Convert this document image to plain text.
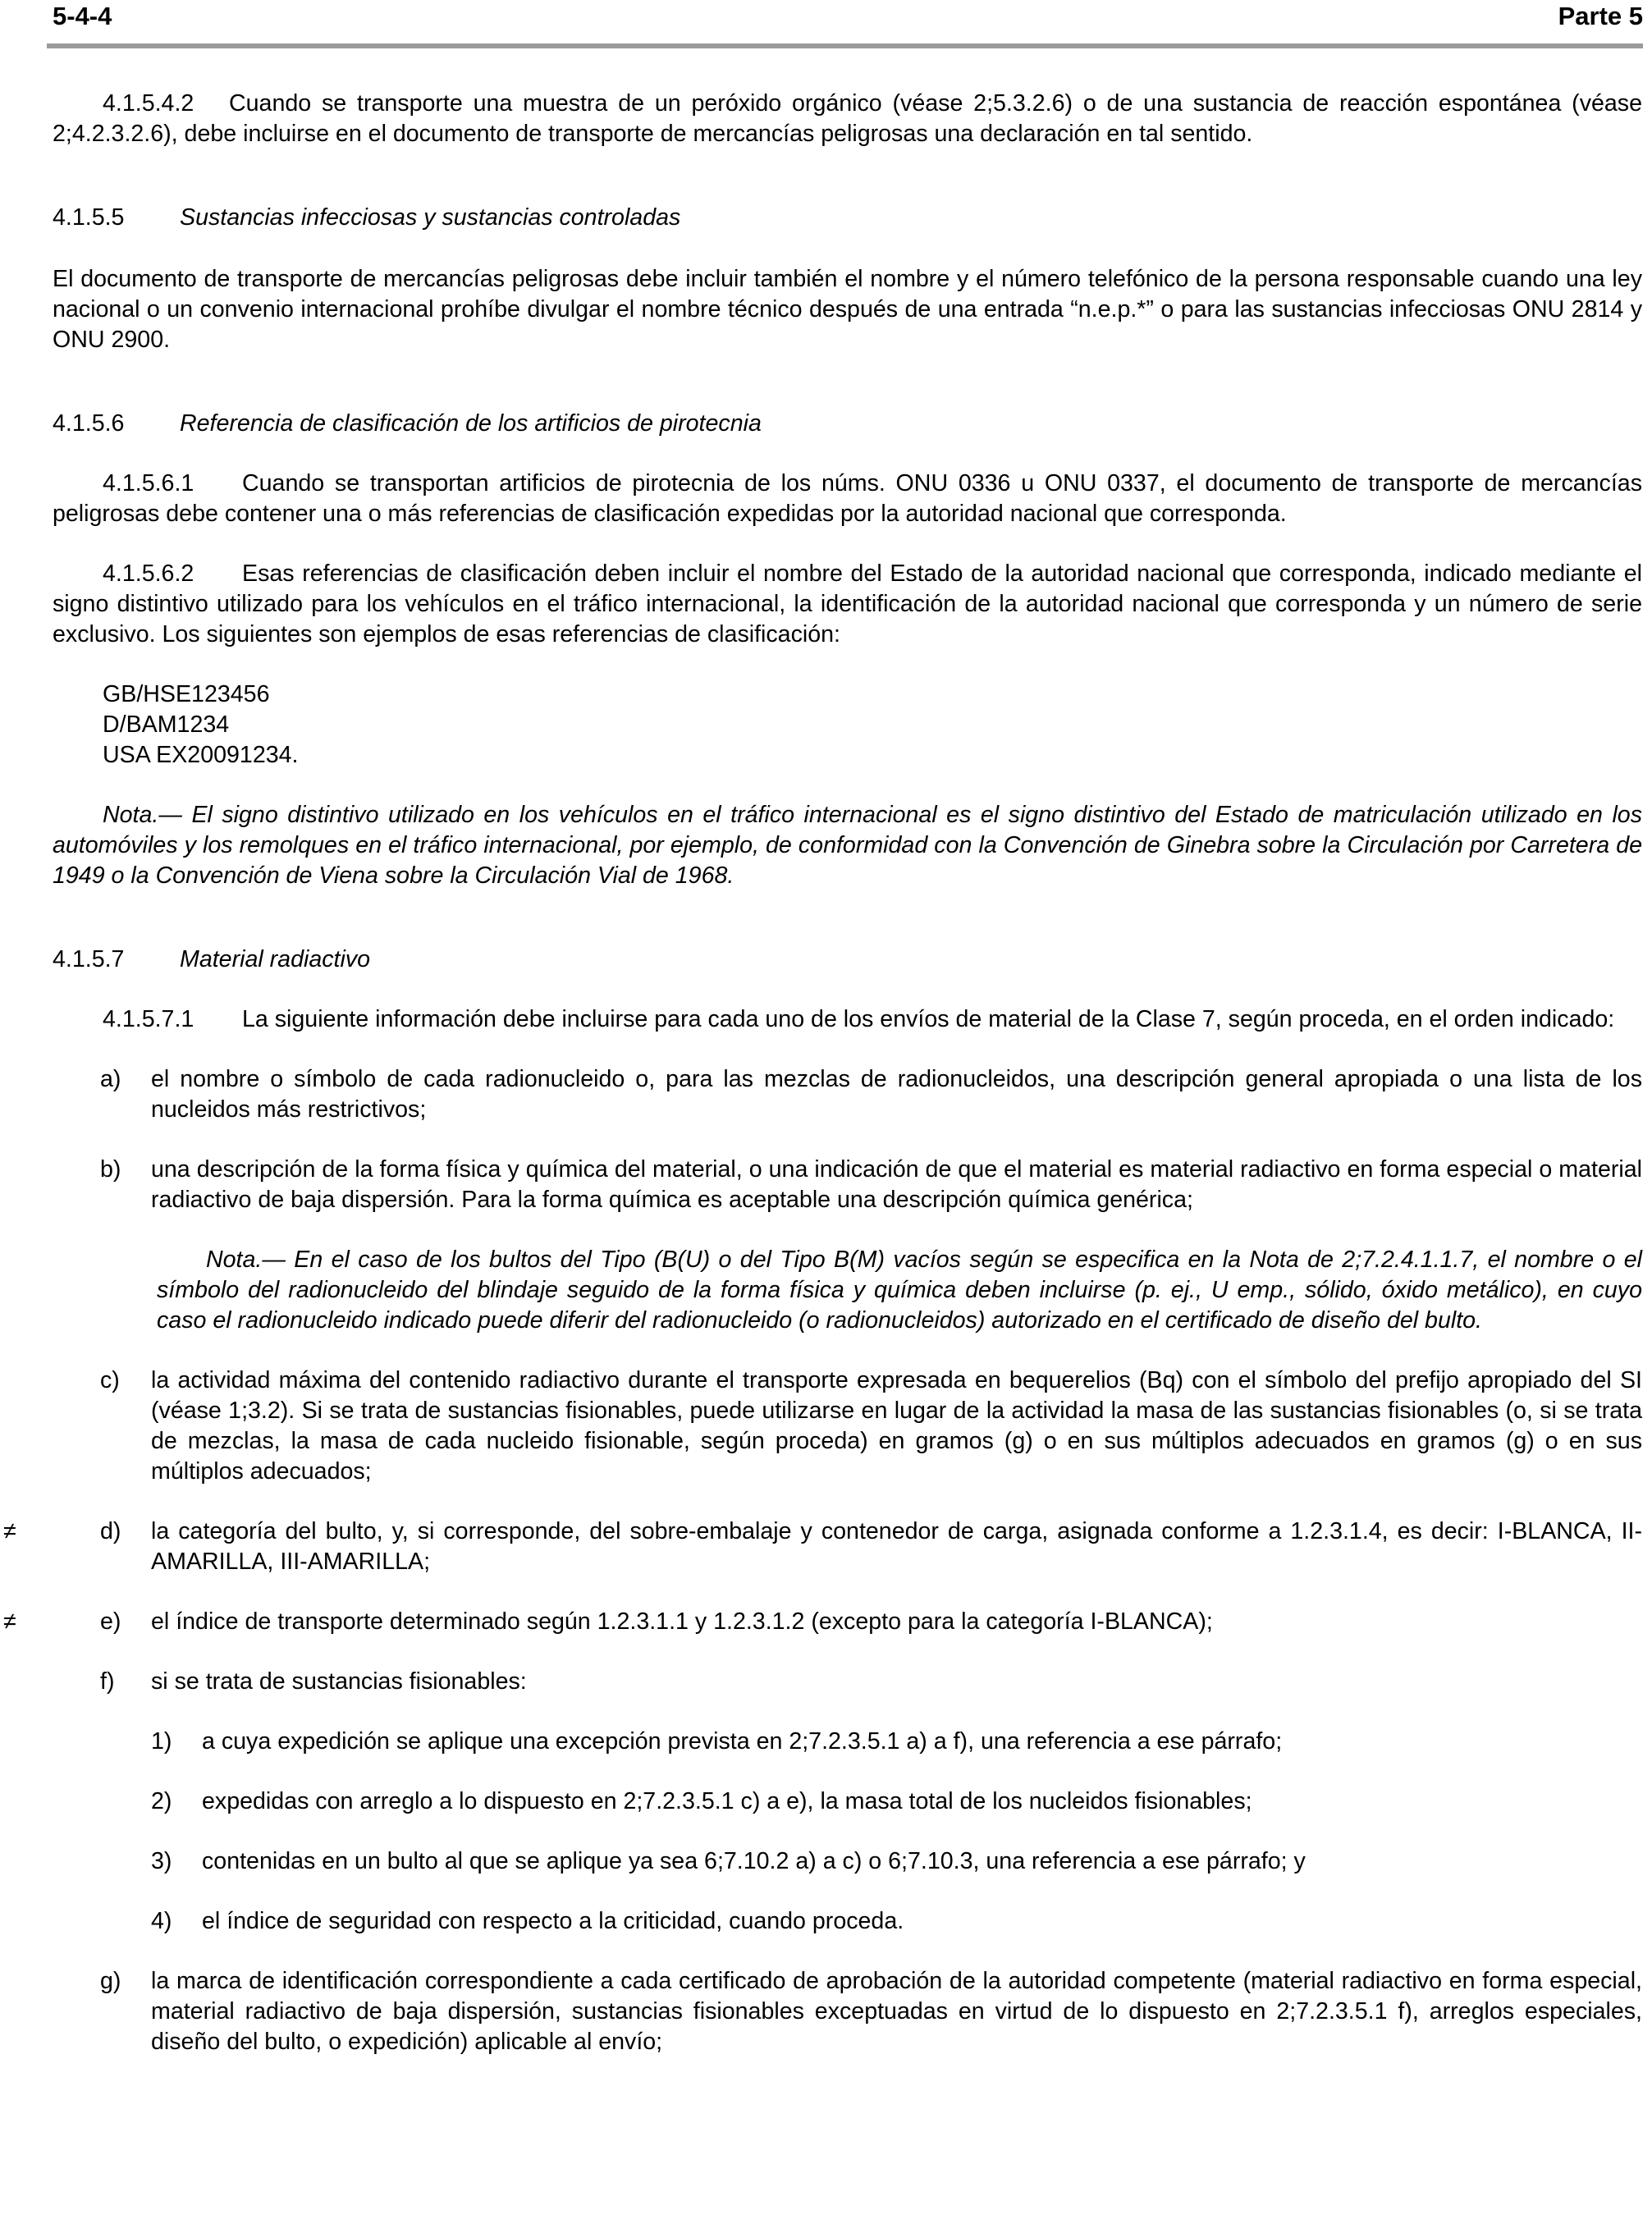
5-4-4	Parte 5

4.1.5.4.2 Cuando se transporte una muestra de un peróxido orgánico (véase 2;5.3.2.6) o de una sustancia de reacción espontánea (véase 2;4.2.3.2.6), debe incluirse en el documento de transporte de mercancías peligrosas una declaración en tal sentido.

4.1.5.5 Sustancias infecciosas y sustancias controladas

El documento de transporte de mercancías peligrosas debe incluir también el nombre y el número telefónico de la persona responsable cuando una ley nacional o un convenio internacional prohíbe divulgar el nombre técnico después de una entrada “n.e.p.*” o para las sustancias infecciosas ONU 2814 y ONU 2900.

4.1.5.6 Referencia de clasificación de los artificios de pirotecnia

4.1.5.6.1 Cuando se transportan artificios de pirotecnia de los núms. ONU 0336 u ONU 0337, el documento de transporte de mercancías peligrosas debe contener una o más referencias de clasificación expedidas por la autoridad nacional que corresponda.

4.1.5.6.2 Esas referencias de clasificación deben incluir el nombre del Estado de la autoridad nacional que corresponda, indicado mediante el signo distintivo utilizado para los vehículos en el tráfico internacional, la identificación de la autoridad nacional que corresponda y un número de serie exclusivo. Los siguientes son ejemplos de esas referencias de clasificación:

GB/HSE123456
D/BAM1234
USA EX20091234.

Nota.— El signo distintivo utilizado en los vehículos en el tráfico internacional es el signo distintivo del Estado de matriculación utilizado en los automóviles y los remolques en el tráfico internacional, por ejemplo, de conformidad con la Convención de Ginebra sobre la Circulación por Carretera de 1949 o la Convención de Viena sobre la Circulación Vial de 1968.

4.1.5.7 Material radiactivo

4.1.5.7.1 La siguiente información debe incluirse para cada uno de los envíos de material de la Clase 7, según proceda, en el orden indicado:

a) el nombre o símbolo de cada radionucleido o, para las mezclas de radionucleidos, una descripción general apropiada o una lista de los nucleidos más restrictivos;

b) una descripción de la forma física y química del material, o una indicación de que el material es material radiactivo en forma especial o material radiactivo de baja dispersión. Para la forma química es aceptable una descripción química genérica;

Nota.— En el caso de los bultos del Tipo (B(U) o del Tipo B(M) vacíos según se especifica en la Nota de 2;7.2.4.1.1.7, el nombre o el símbolo del radionucleido del blindaje seguido de la forma física y química deben incluirse (p. ej., U emp., sólido, óxido metálico), en cuyo caso el radionucleido indicado puede diferir del radionucleido (o radionucleidos) autorizado en el certificado de diseño del bulto.

c) la actividad máxima del contenido radiactivo durante el transporte expresada en bequerelios (Bq) con el símbolo del prefijo apropiado del SI (véase 1;3.2). Si se trata de sustancias fisionables, puede utilizarse en lugar de la actividad la masa de las sustancias fisionables (o, si se trata de mezclas, la masa de cada nucleido fisionable, según proceda) en gramos (g) o en sus múltiplos adecuados en gramos (g) o en sus múltiplos adecuados;

≠	d) la categoría del bulto, y, si corresponde, del sobre-embalaje y contenedor de carga, asignada conforme a 1.2.3.1.4, es decir: I-BLANCA, II-AMARILLA, III-AMARILLA;

≠	e) el índice de transporte determinado según 1.2.3.1.1 y 1.2.3.1.2 (excepto para la categoría I-BLANCA);

f) si se trata de sustancias fisionables:

1) a cuya expedición se aplique una excepción prevista en 2;7.2.3.5.1 a) a f), una referencia a ese párrafo;

2) expedidas con arreglo a lo dispuesto en 2;7.2.3.5.1 c) a e), la masa total de los nucleidos fisionables;

3) contenidas en un bulto al que se aplique ya sea 6;7.10.2 a) a c) o 6;7.10.3, una referencia a ese párrafo; y

4) el índice de seguridad con respecto a la criticidad, cuando proceda.

g) la marca de identificación correspondiente a cada certificado de aprobación de la autoridad competente (material radiactivo en forma especial, material radiactivo de baja dispersión, sustancias fisionables exceptuadas en virtud de lo dispuesto en 2;7.2.3.5.1 f), arreglos especiales, diseño del bulto, o expedición) aplicable al envío;
